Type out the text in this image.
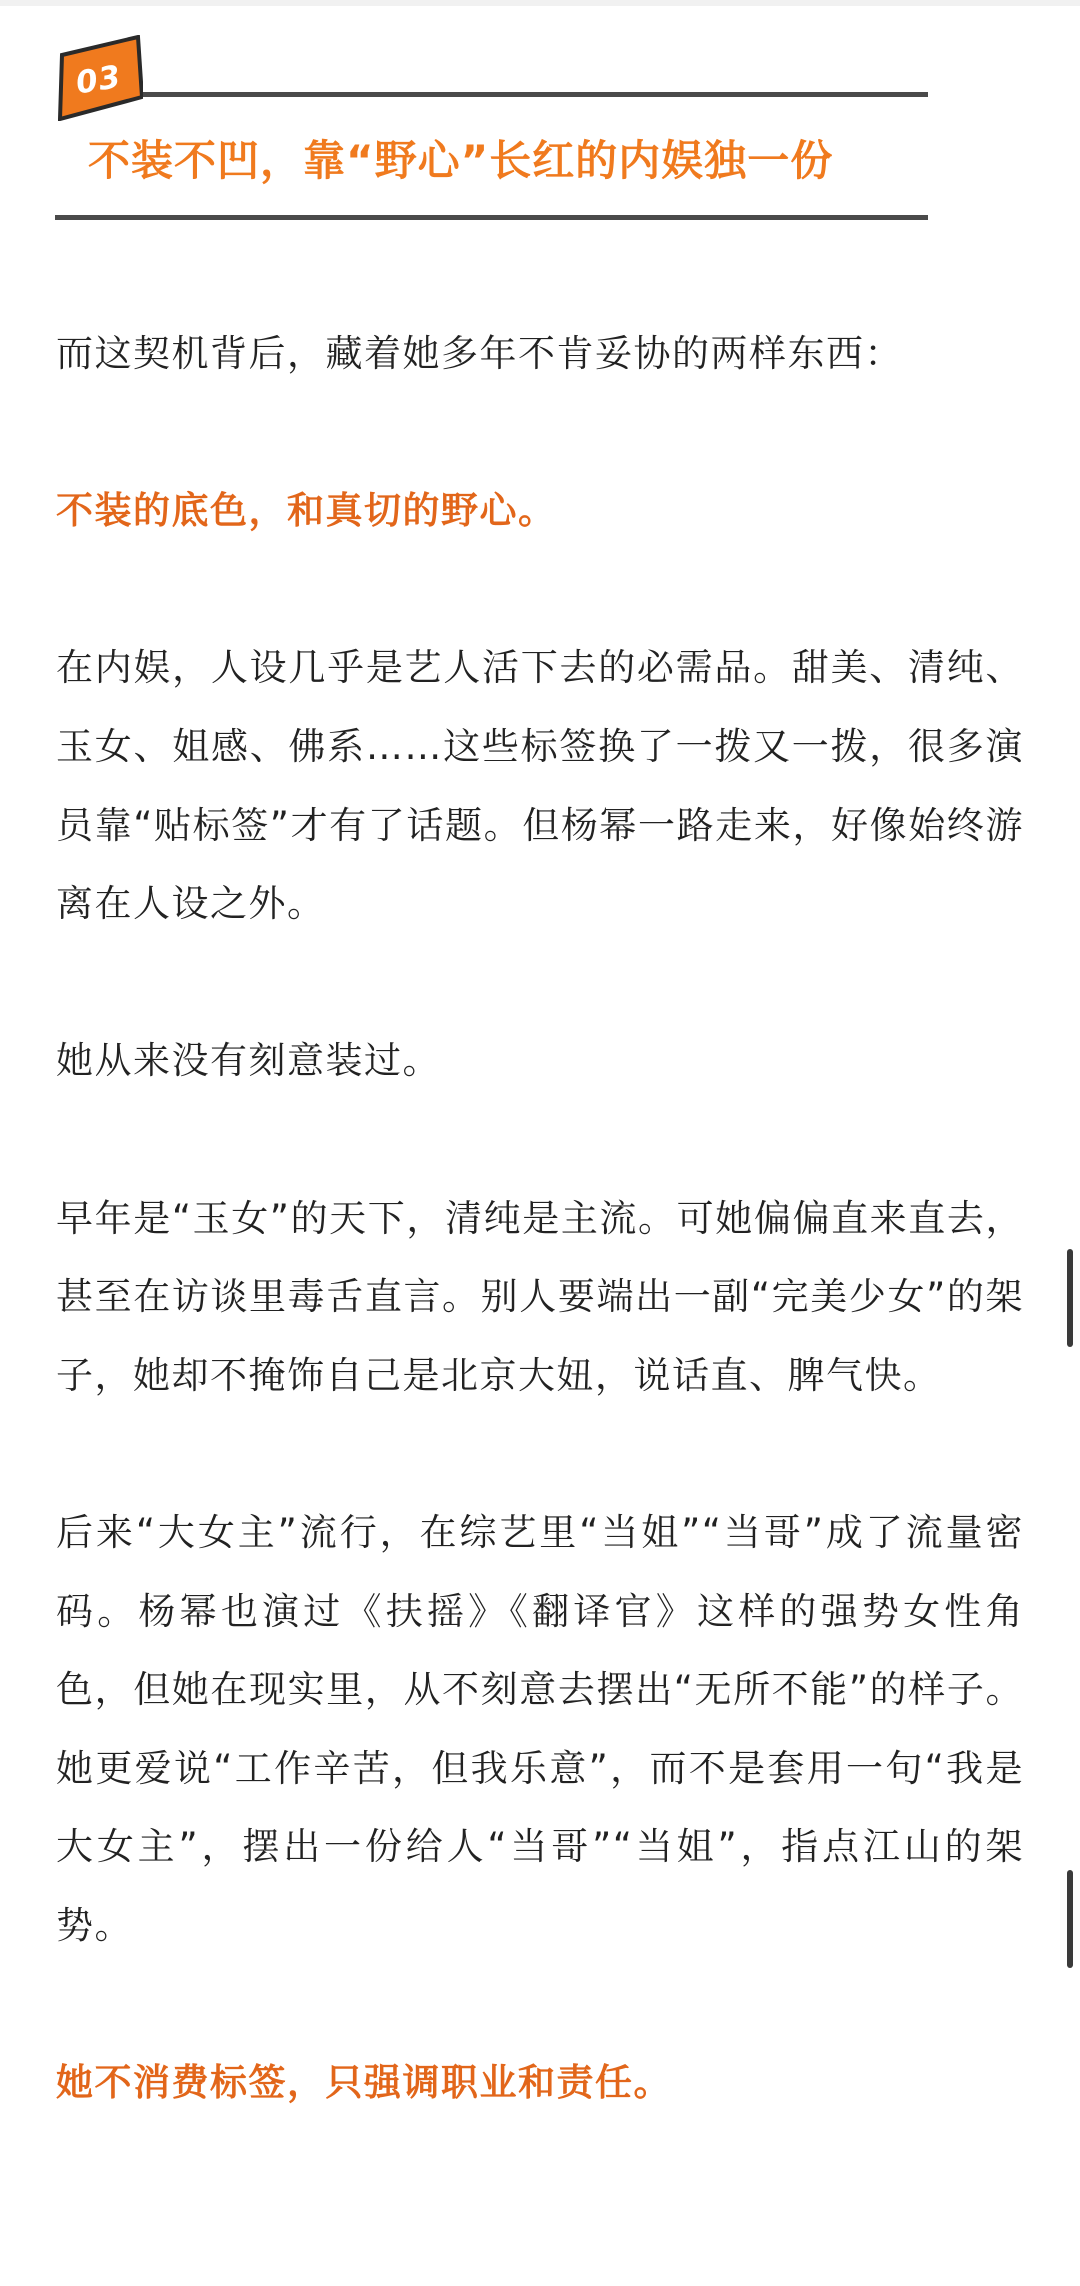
03
不装不凹，靠“野心”长红的内娱独一份

而这契机背后，藏着她多年不肯妥协的两样东西：

不装的底色，和真切的野心。

在内娱，人设几乎是艺人活下去的必需品。甜美、清纯、玉女、姐感、佛系……这些标签换了一拨又一拨，很多演员靠“贴标签”才有了话题。但杨幂一路走来，好像始终游离在人设之外。

她从来没有刻意装过。

早年是“玉女”的天下，清纯是主流。可她偏偏直来直去，甚至在访谈里毒舌直言。别人要端出一副“完美少女”的架子，她却不掩饰自己是北京大妞，说话直、脾气快。

后来“大女主”流行，在综艺里“当姐”“当哥”成了流量密码。杨幂也演过《扶摇》《翻译官》这样的强势女性角色，但她在现实里，从不刻意去摆出“无所不能”的样子。她更爱说“工作辛苦，但我乐意”，而不是套用一句“我是大女主”，摆出一份给人“当哥”“当姐”，指点江山的架势。

她不消费标签，只强调职业和责任。
